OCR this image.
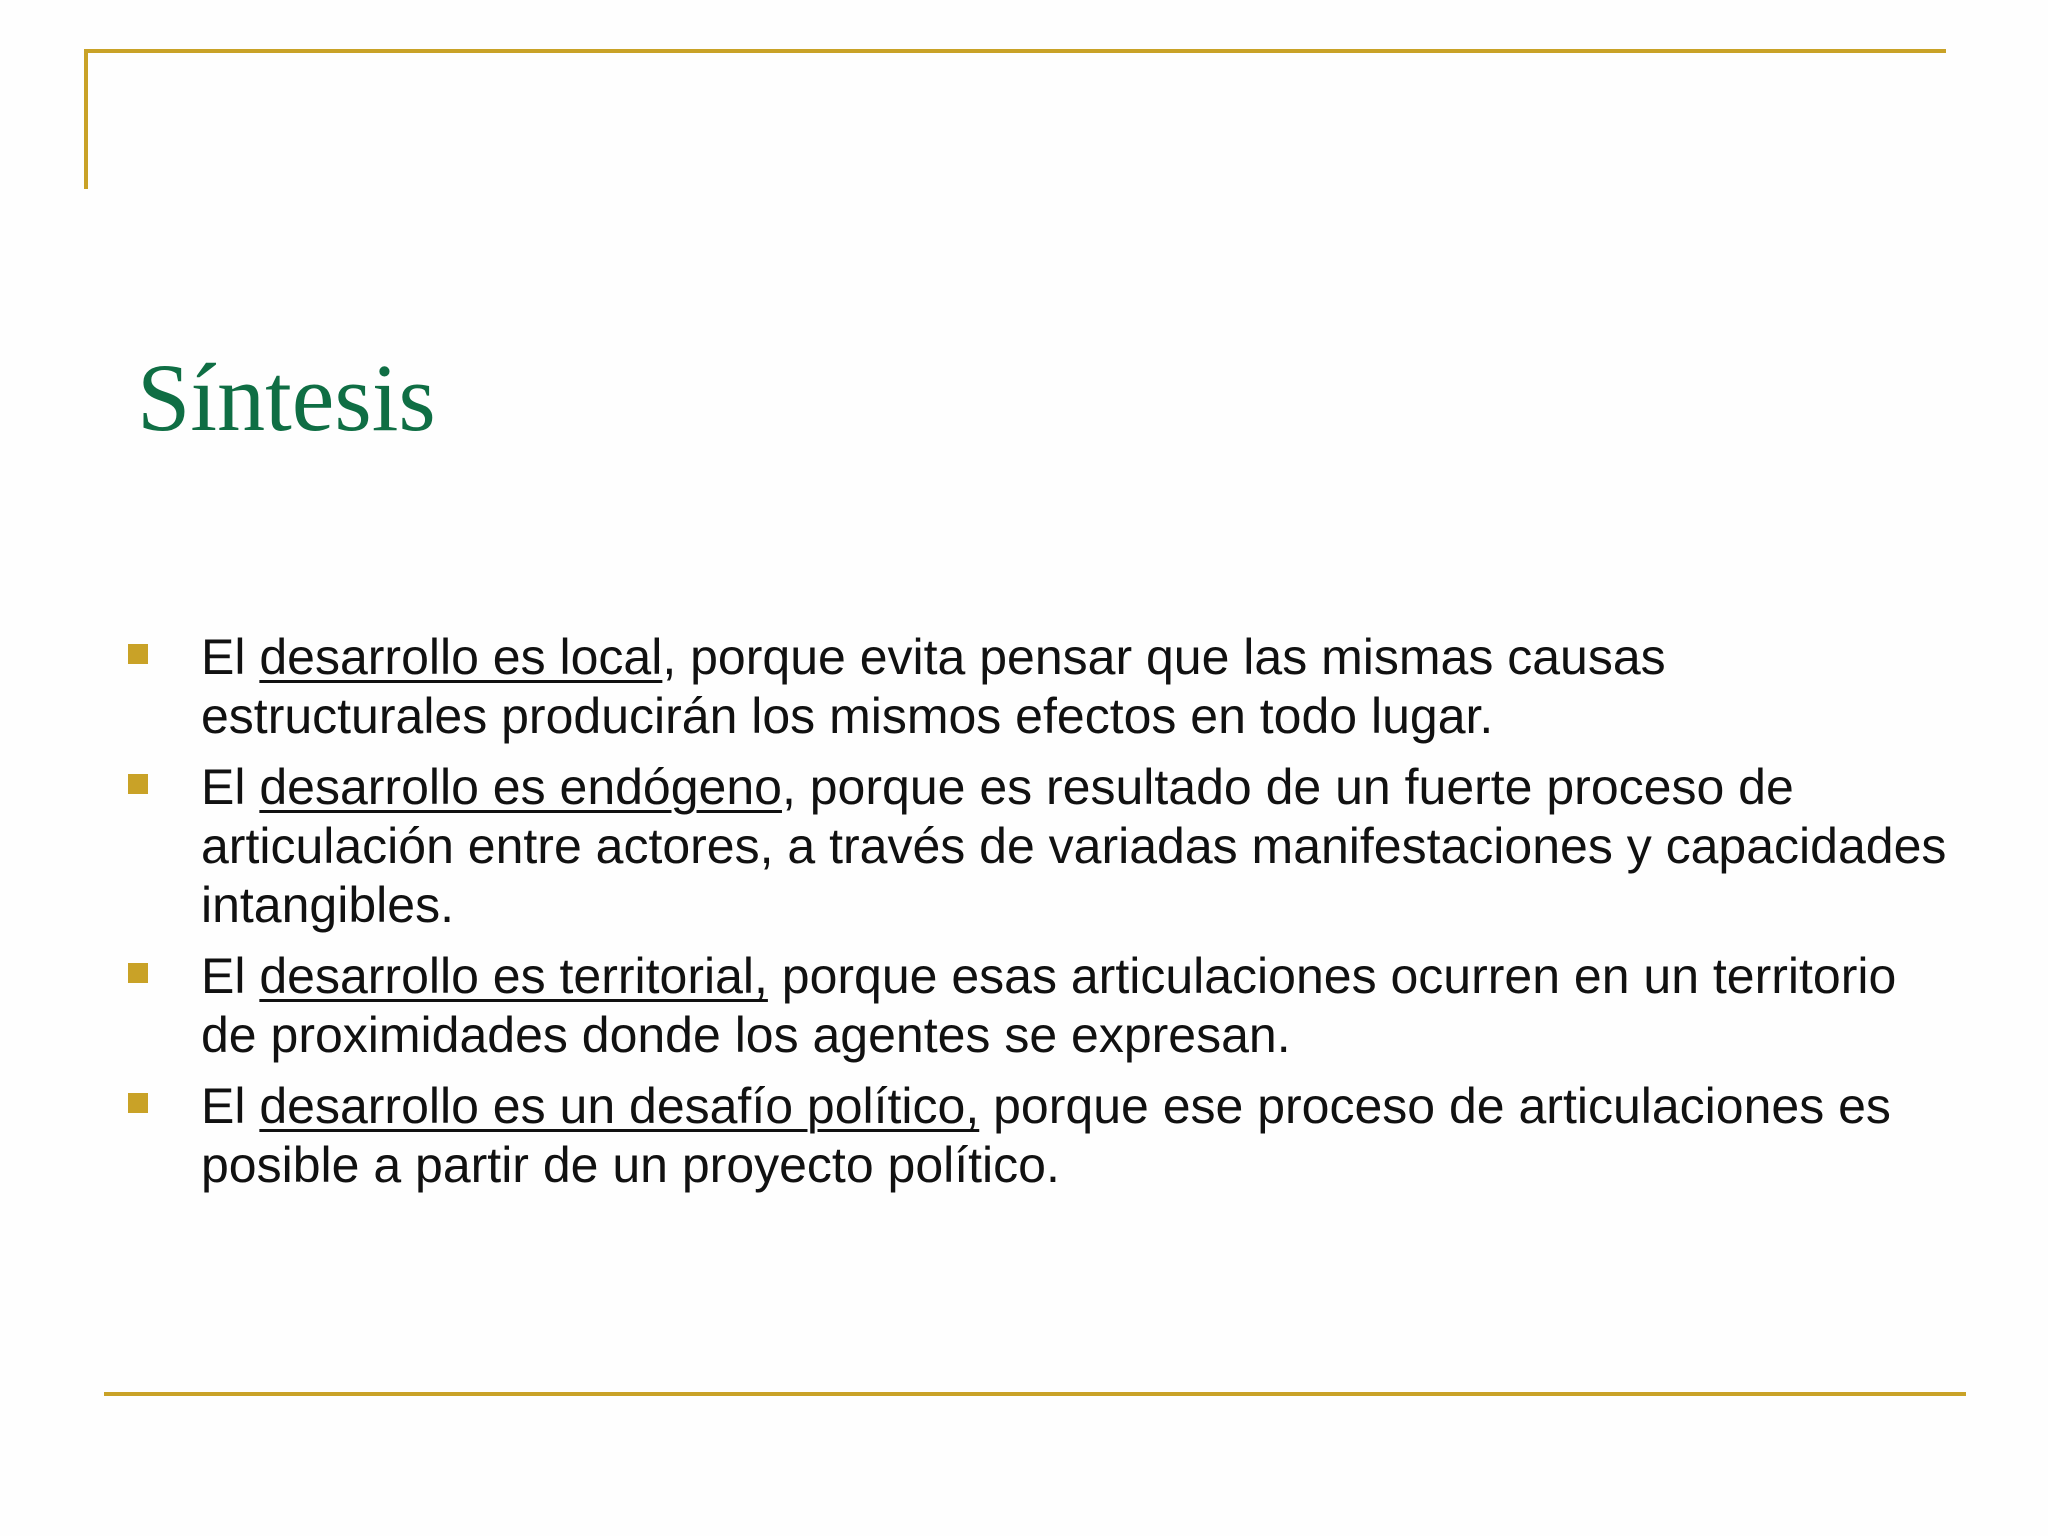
Síntesis
El desarrollo es local, porque evita pensar que las mismas causas estructurales producirán los mismos efectos en todo lugar.
El desarrollo es endógeno, porque es resultado de un fuerte proceso de articulación entre actores, a través de variadas manifestaciones y capacidades intangibles.
El desarrollo es territorial, porque esas articulaciones ocurren en un territorio de proximidades donde los agentes se expresan.
El desarrollo es un desafío político, porque ese proceso de articulaciones es posible a partir de un proyecto político.
